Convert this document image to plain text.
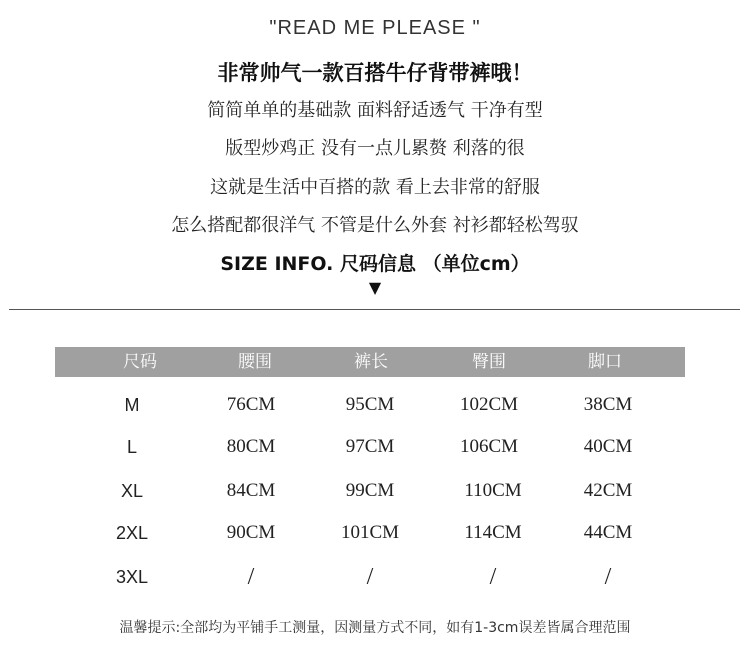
"READ ME PLEASE "
非常帅气一款百搭牛仔背带裤哦！
简简单单的基础款 面料舒适透气 干净有型
版型炒鸡正 没有一点儿累赘 利落的很
这就是生活中百搭的款 看上去非常的舒服
怎么搭配都很洋气 不管是什么外套 衬衫都轻松驾驭
SIZE INFO. 尺码信息 （单位cm）
▼
尺码	腰围	裤长	臀围	脚口
M	76CM	95CM	102CM	38CM
L	80CM	97CM	106CM	40CM
XL	84CM	99CM	110CM	42CM
2XL	90CM	101CM	114CM	44CM
3XL	/	/	/	/
温馨提示:全部均为平铺手工测量，因测量方式不同，如有1-3cm误差皆属合理范围
